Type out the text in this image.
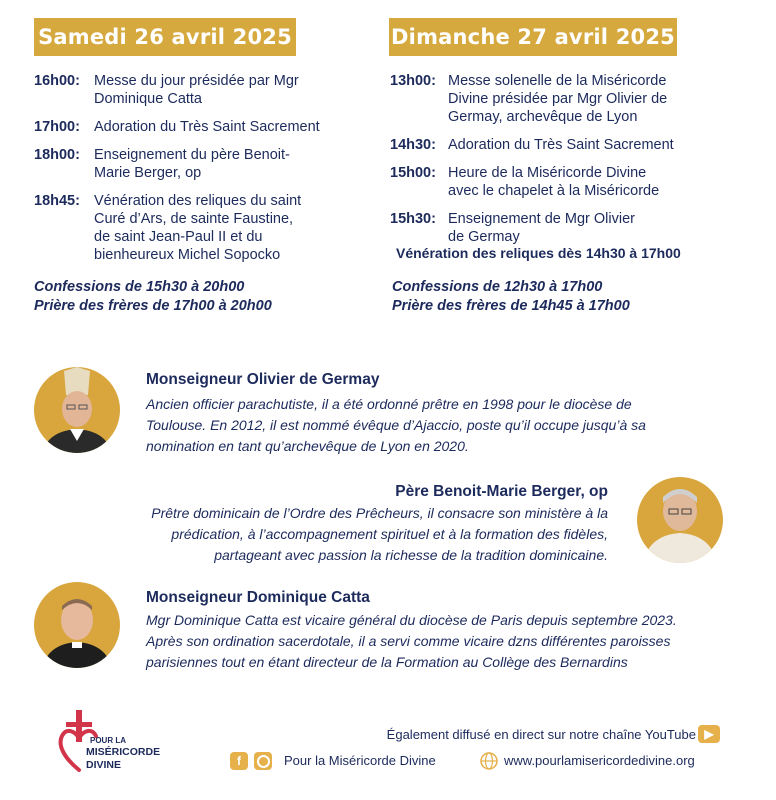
Samedi 26 avril 2025
16h00: Messe du jour présidée par Mgr
Dominique Catta
17h00: Adoration du Très Saint Sacrement
18h00: Enseignement du père Benoit-
Marie Berger, op
18h45: Vénération des reliques du saint
Curé d’Ars, de sainte Faustine,
de saint Jean-Paul II et du
bienheureux Michel Sopocko
Confessions de 15h30 à 20h00
Prière des frères de 17h00 à 20h00
Dimanche 27 avril 2025
13h00: Messe solenelle de la Miséricorde
Divine présidée par Mgr Olivier de
Germay, archevêque de Lyon
14h30: Adoration du Très Saint Sacrement
15h00: Heure de la Miséricorde Divine
avec le chapelet à la Miséricorde
15h30: Enseignement de Mgr Olivier
de Germay
Vénération des reliques dès 14h30 à 17h00
Confessions de 12h30 à 17h00
Prière des frères de 14h45 à 17h00
Monseigneur Olivier de Germay
Ancien officier parachutiste, il a été ordonné prêtre en 1998 pour le diocèse de
Toulouse. En 2012, il est nommé évêque d’Ajaccio, poste qu’il occupe jusqu’à sa
nomination en tant qu’archevêque de Lyon en 2020.
Père Benoit-Marie Berger, op
Prêtre dominicain de l’Ordre des Prêcheurs, il consacre son ministère à la
prédication, à l’accompagnement spirituel et à la formation des fidèles,
partageant avec passion la richesse de la tradition dominicaine.
Monseigneur Dominique Catta
Mgr Dominique Catta est vicaire général du diocèse de Paris depuis septembre 2023.
Après son ordination sacerdotale, il a servi comme vicaire dzns différentes paroisses
parisiennes tout en étant directeur de la Formation au Collège des Bernardins
POUR LA
MISÉRICORDE
DIVINE
Également diffusé en direct sur notre chaîne YouTube ▶
f	Pour la Miséricorde Divine	www.pourlamisericordedivine.org
